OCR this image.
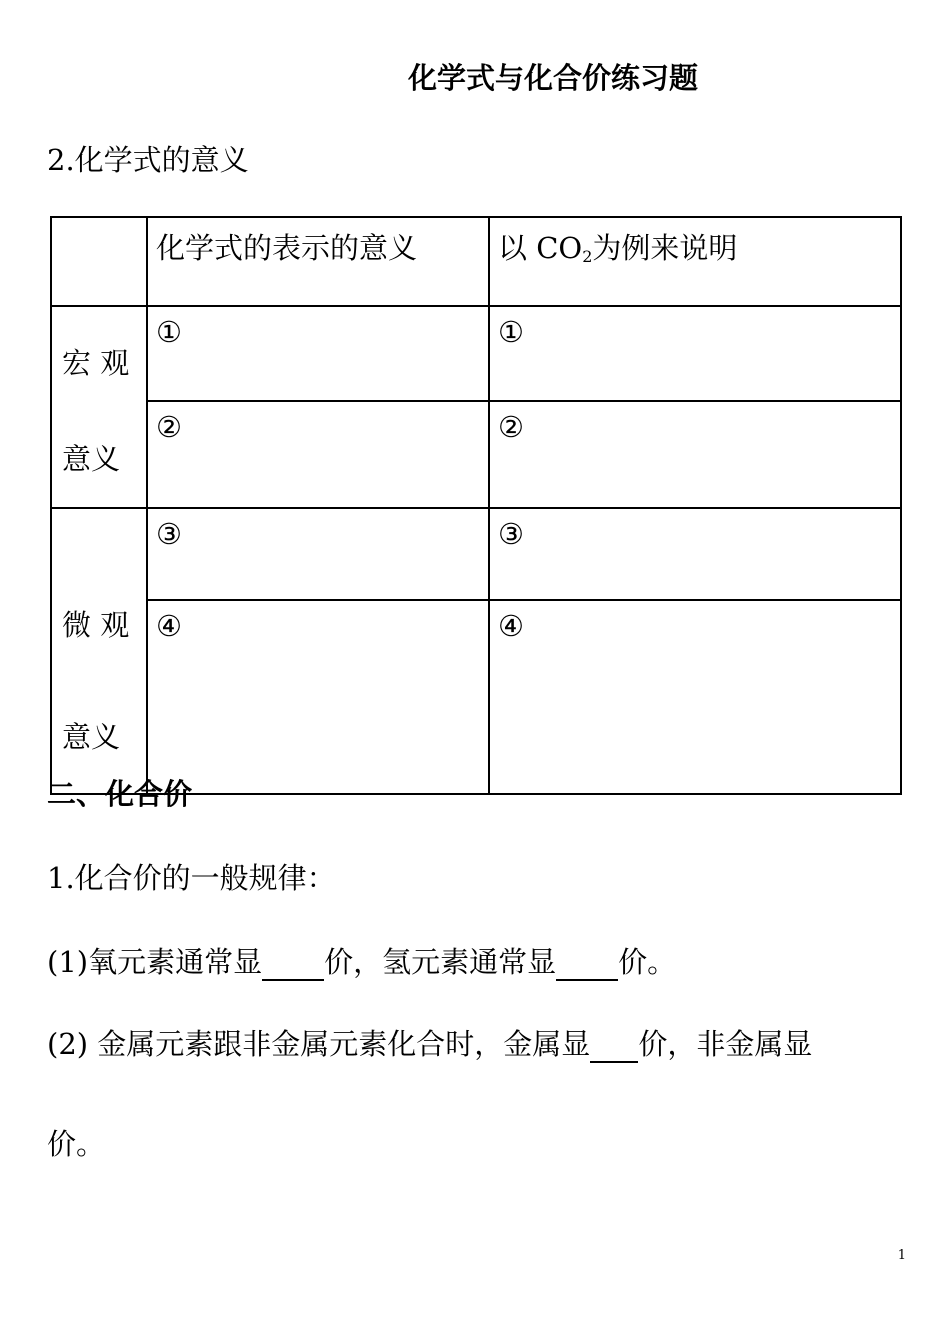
化学式与化合价练习题
2.化学式的意义
	化学式的表示的意义	以 $CO_2$为例来说明

宏 观
意义	①	①
	②	②

微 观
意义	③	③
	④	④
二、化合价
1.化合价的一般规律：
(1)氧元素通常显 价，氢元素通常显 价。
(2) 金属元素跟非金属元素化合时，金属显 价，非金属显
价。
1
